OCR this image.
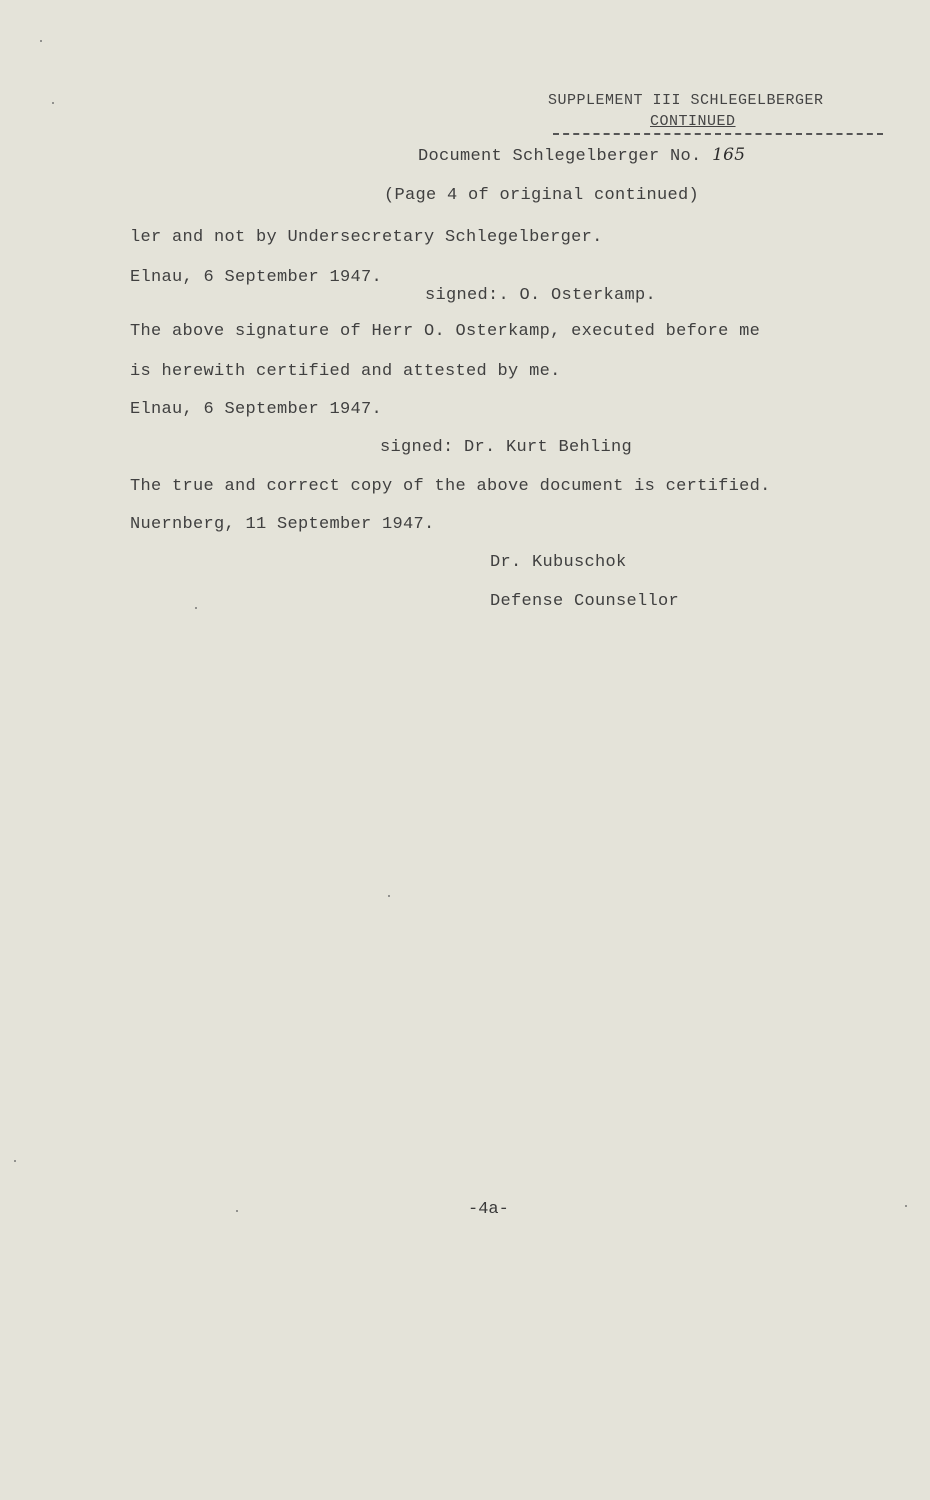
SUPPLEMENT III SCHLEGELBERGER
CONTINUED
Document Schlegelberger No. 165
(Page 4 of original continued)
ler and not by Undersecretary Schlegelberger.
Elnau, 6 September 1947.
signed:. O. Osterkamp.
The above signature of Herr O. Osterkamp, executed before me
is herewith certified and attested by me.
Elnau, 6 September 1947.
signed: Dr. Kurt Behling
The true and correct copy of the above document is certified.
Nuernberg, 11 September 1947.
Dr. Kubuschok
Defense Counsellor
-4a-
